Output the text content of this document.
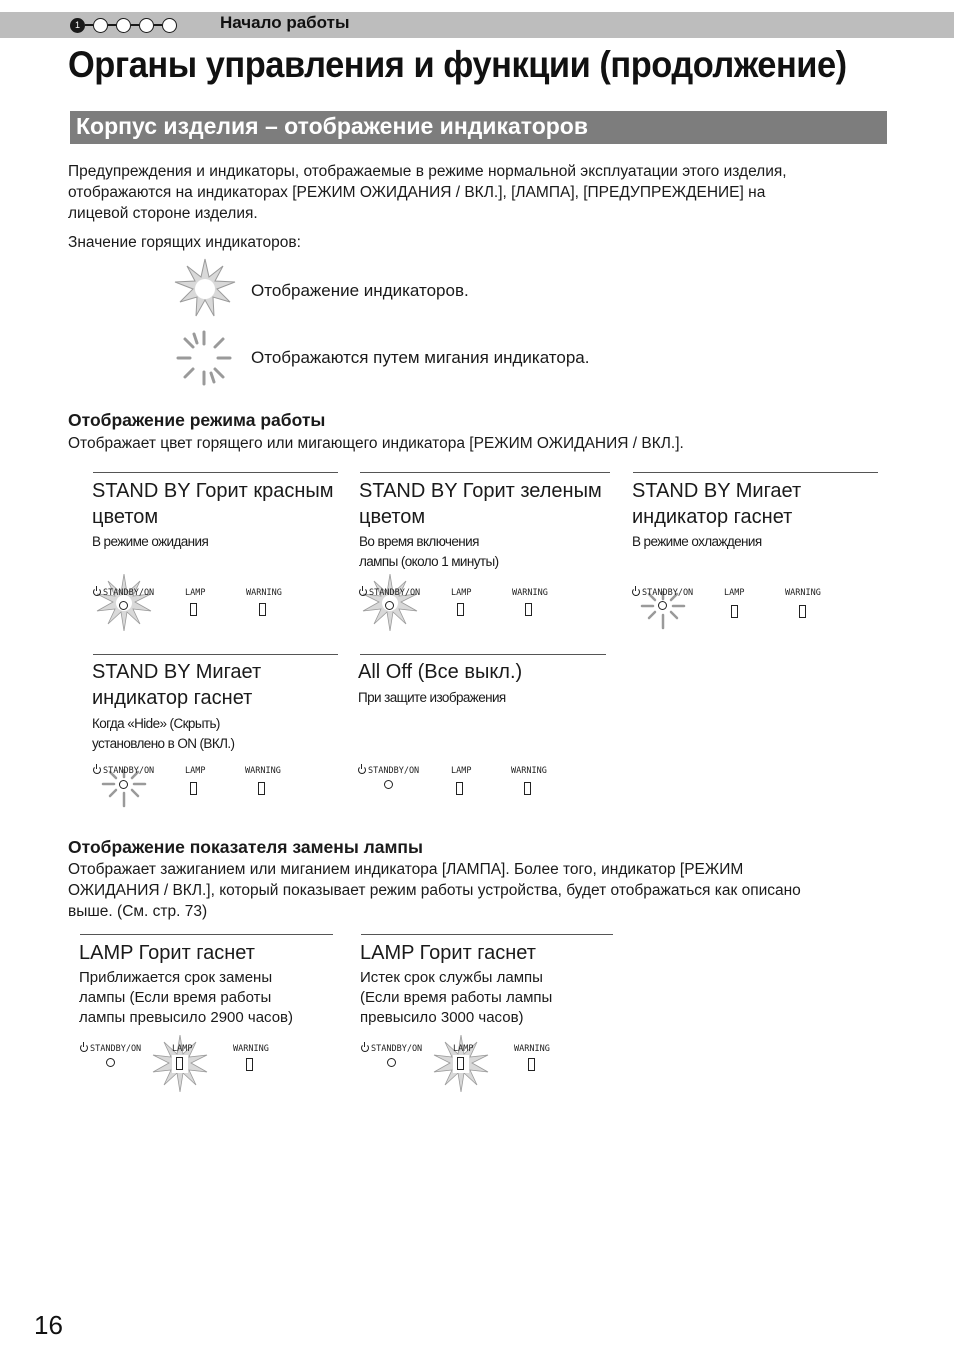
1	Начало работы
Органы управления и функции (продолжение)
Корпус изделия – отображение индикаторов
Предупреждения и индикаторы, отображаемые в режиме нормальной эксплуатации этого изделия,
отображаются на индикаторах [РЕЖИМ ОЖИДАНИЯ / ВКЛ.], [ЛАМПА], [ПРЕДУПРЕЖДЕНИЕ] на
лицевой стороне изделия.
Значение горящих индикаторов:
Отображение индикаторов.
Отображаются путем мигания индикатора.
Отображение режима работы
Отображает цвет горящего или мигающего индикатора [РЕЖИМ ОЖИДАНИЯ / ВКЛ.].
STAND BY Горит красным
цветом
В режиме ожидания
STANDBY/ON	LAMP	WARNING
STAND BY Горит зеленым
цветом
Во время включения
лампы (около 1 минуты)
STANDBY/ON	LAMP	WARNING
STAND BY Мигает
индикатор гаснет
В режиме охлаждения
STANDBY/ON	LAMP	WARNING
STAND BY Мигает
индикатор гаснет
Когда «Hide» (Скрыть)
установлено в ON (ВКЛ.)
STANDBY/ON	LAMP	WARNING
All Off (Все выкл.)
При защите изображения
STANDBY/ON	LAMP	WARNING
Отображение показателя замены лампы
Отображает зажиганием или миганием индикатора [ЛАМПА]. Более того, индикатор [РЕЖИМ
ОЖИДАНИЯ / ВКЛ.], который показывает режим работы устройства, будет отображаться как описано
выше. (См. стр. 73)
LAMP Горит гаснет
Приближается срок замены
лампы (Если время работы
лампы превысило 2900 часов)
STANDBY/ON	LAMP	WARNING
LAMP Горит гаснет
Истек срок службы лампы
(Если время работы лампы
превысило 3000 часов)
STANDBY/ON	LAMP	WARNING
16
